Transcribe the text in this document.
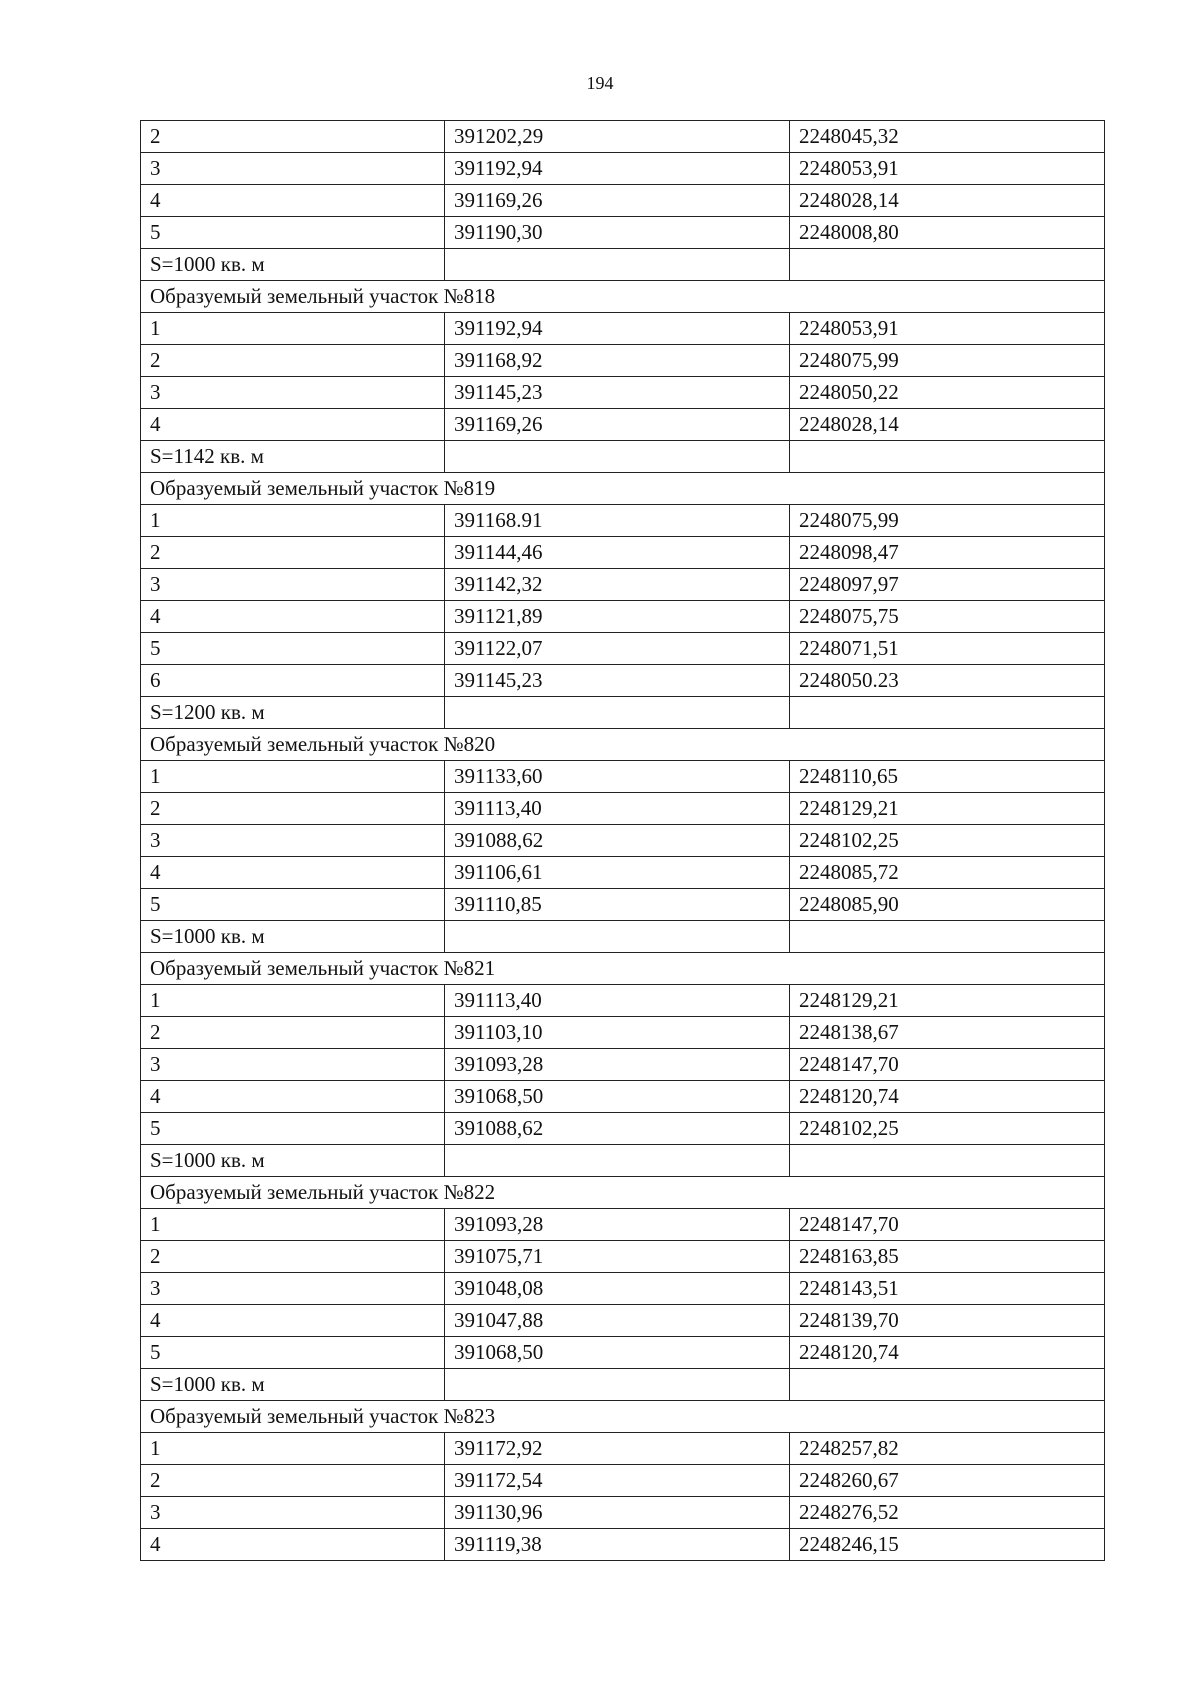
194
2	391202,29	2248045,32
3	391192,94	2248053,91
4	391169,26	2248028,14
5	391190,30	2248008,80
S=1000 кв. м		
Образуемый земельный участок №818		
1	391192,94	2248053,91
2	391168,92	2248075,99
3	391145,23	2248050,22
4	391169,26	2248028,14
S=1142 кв. м		
Образуемый земельный участок №819		
1	391168.91	2248075,99
2	391144,46	2248098,47
3	391142,32	2248097,97
4	391121,89	2248075,75
5	391122,07	2248071,51
6	391145,23	2248050.23
S=1200 кв. м		
Образуемый земельный участок №820		
1	391133,60	2248110,65
2	391113,40	2248129,21
3	391088,62	2248102,25
4	391106,61	2248085,72
5	391110,85	2248085,90
S=1000 кв. м		
Образуемый земельный участок №821		
1	391113,40	2248129,21
2	391103,10	2248138,67
3	391093,28	2248147,70
4	391068,50	2248120,74
5	391088,62	2248102,25
S=1000 кв. м		
Образуемый земельный участок №822		
1	391093,28	2248147,70
2	391075,71	2248163,85
3	391048,08	2248143,51
4	391047,88	2248139,70
5	391068,50	2248120,74
S=1000 кв. м		
Образуемый земельный участок №823		
1	391172,92	2248257,82
2	391172,54	2248260,67
3	391130,96	2248276,52
4	391119,38	2248246,15
